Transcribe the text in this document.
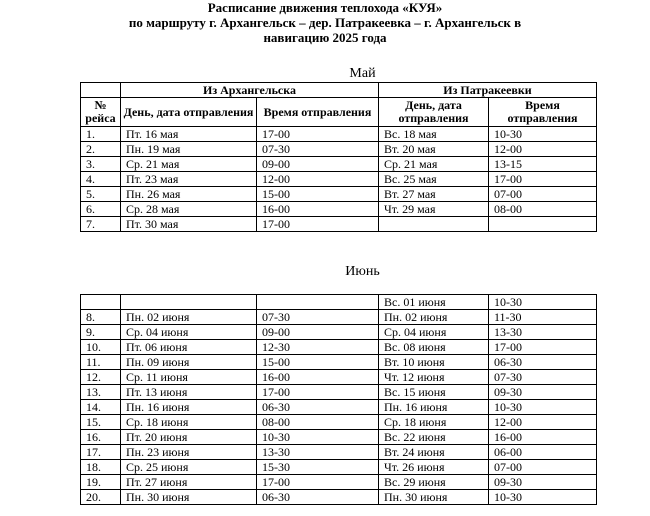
Расписание движения теплохода «КУЯ»
по маршруту г. Архангельск – дер. Патракеевка – г. Архангельск в
навигацию 2025 года
Май
	Из Архангельска		Из Патракеевки	
№ рейса	День, дата отправления	Время отправления	День, дата отправления	Время отправления
1.	Пт. 16 мая	17-00	Вс. 18 мая	10-30
2.	Пн. 19 мая	07-30	Вт. 20 мая	12-00
3.	Ср. 21 мая	09-00	Ср. 21 мая	13-15
4.	Пт. 23 мая	12-00	Вс. 25 мая	17-00
5.	Пн. 26 мая	15-00	Вт. 27 мая	07-00
6.	Ср. 28 мая	16-00	Чт. 29 мая	08-00
7.	Пт. 30 мая	17-00		
Июнь
			Вс. 01 июня	10-30
8.	Пн. 02 июня	07-30	Пн. 02 июня	11-30
9.	Ср. 04 июня	09-00	Ср. 04 июня	13-30
10.	Пт. 06 июня	12-30	Вс. 08 июня	17-00
11.	Пн. 09 июня	15-00	Вт. 10 июня	06-30
12.	Ср. 11 июня	16-00	Чт. 12 июня	07-30
13.	Пт. 13 июня	17-00	Вс. 15 июня	09-30
14.	Пн. 16 июня	06-30	Пн. 16 июня	10-30
15.	Ср. 18 июня	08-00	Ср. 18 июня	12-00
16.	Пт. 20 июня	10-30	Вс. 22 июня	16-00
17.	Пн. 23 июня	13-30	Вт. 24 июня	06-00
18.	Ср. 25 июня	15-30	Чт. 26 июня	07-00
19.	Пт. 27 июня	17-00	Вс. 29 июня	09-30
20.	Пн. 30 июня	06-30	Пн. 30 июня	10-30
